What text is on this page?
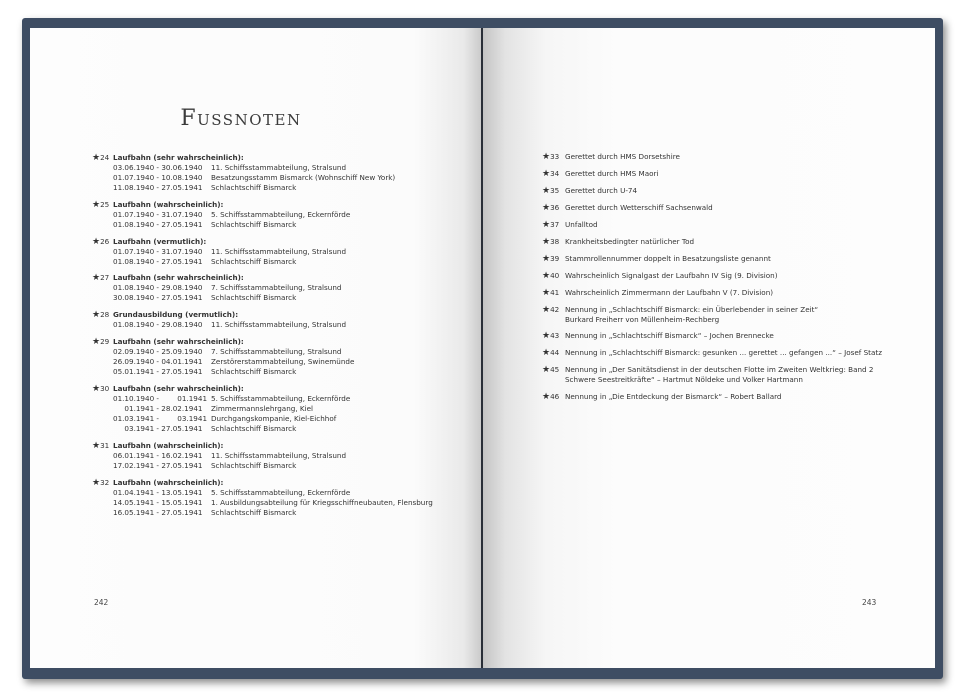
Fussnoten
★24 Laufbahn (sehr wahrscheinlich):
03.06.1940 - 30.06.1940 11. Schiffsstammabteilung, Stralsund
01.07.1940 - 10.08.1940 Besatzungsstamm Bismarck (Wohnschiff New York)
11.08.1940 - 27.05.1941 Schlachtschiff Bismarck
★25 Laufbahn (wahrscheinlich):
01.07.1940 - 31.07.1940 5. Schiffsstammabteilung, Eckernförde
01.08.1940 - 27.05.1941 Schlachtschiff Bismarck
★26 Laufbahn (vermutlich):
01.07.1940 - 31.07.1940 11. Schiffsstammabteilung, Stralsund
01.08.1940 - 27.05.1941 Schlachtschiff Bismarck
★27 Laufbahn (sehr wahrscheinlich):
01.08.1940 - 29.08.1940 7. Schiffsstammabteilung, Stralsund
30.08.1940 - 27.05.1941 Schlachtschiff Bismarck
★28 Grundausbildung (vermutlich):
01.08.1940 - 29.08.1940 11. Schiffsstammabteilung, Stralsund
★29 Laufbahn (sehr wahrscheinlich):
02.09.1940 - 25.09.1940 7. Schiffsstammabteilung, Stralsund
26.09.1940 - 04.01.1941 Zerstörerstammabteilung, Swinemünde
05.01.1941 - 27.05.1941 Schlachtschiff Bismarck
★30 Laufbahn (sehr wahrscheinlich):
01.10.1940 -        01.1941 5. Schiffsstammabteilung, Eckernförde
01.1941 - 28.02.1941 Zimmermannslehrgang, Kiel
01.03.1941 -        03.1941 Durchgangskompanie, Kiel-Eichhof
03.1941 - 27.05.1941 Schlachtschiff Bismarck
★31 Laufbahn (wahrscheinlich):
06.01.1941 - 16.02.1941 11. Schiffsstammabteilung, Stralsund
17.02.1941 - 27.05.1941 Schlachtschiff Bismarck
★32 Laufbahn (wahrscheinlich):
01.04.1941 - 13.05.1941 5. Schiffsstammabteilung, Eckernförde
14.05.1941 - 15.05.1941 1. Ausbildungsabteilung für Kriegsschiffneubauten, Flensburg
16.05.1941 - 27.05.1941 Schlachtschiff Bismarck
★33 Gerettet durch HMS Dorsetshire
★34 Gerettet durch HMS Maori
★35 Gerettet durch U-74
★36 Gerettet durch Wetterschiff Sachsenwald
★37 Unfalltod
★38 Krankheitsbedingter natürlicher Tod
★39 Stammrollennummer doppelt in Besatzungsliste genannt
★40 Wahrscheinlich Signalgast der Laufbahn IV Sig (9. Division)
★41 Wahrscheinlich Zimmermann der Laufbahn V (7. Division)
★42 Nennung in „Schlachtschiff Bismarck: ein Überlebender in seiner Zeit“
Burkard Freiherr von Müllenheim-Rechberg
★43 Nennung in „Schlachtschiff Bismarck“ – Jochen Brennecke
★44 Nennung in „Schlachtschiff Bismarck: gesunken ... gerettet ... gefangen ...“ – Josef Statz
★45 Nennung in „Der Sanitätsdienst in der deutschen Flotte im Zweiten Weltkrieg: Band 2
Schwere Seestreitkräfte“ – Hartmut Nöldeke und Volker Hartmann
★46 Nennung in „Die Entdeckung der Bismarck“ – Robert Ballard
242	243
